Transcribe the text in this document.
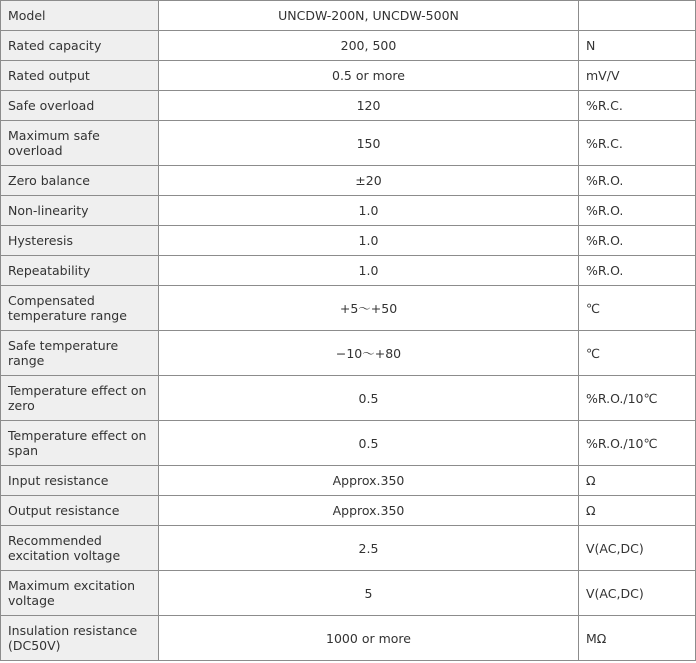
Model	UNCDW-200N, UNCDW-500N	
Rated capacity	200, 500	N
Rated output	0.5 or more	mV/V
Safe overload	120	%R.C.
Maximum safe overload	150	%R.C.
Zero balance	±20	%R.O.
Non-linearity	1.0	%R.O.
Hysteresis	1.0	%R.O.
Repeatability	1.0	%R.O.
Compensated temperature range	+5～+50	℃
Safe temperature range	−10～+80	℃
Temperature effect on zero	0.5	%R.O./10℃
Temperature effect on span	0.5	%R.O./10℃
Input resistance	Approx.350	Ω
Output resistance	Approx.350	Ω
Recommended excitation voltage	2.5	V(AC,DC)
Maximum excitation voltage	5	V(AC,DC)
Insulation resistance (DC50V)	1000 or more	MΩ
